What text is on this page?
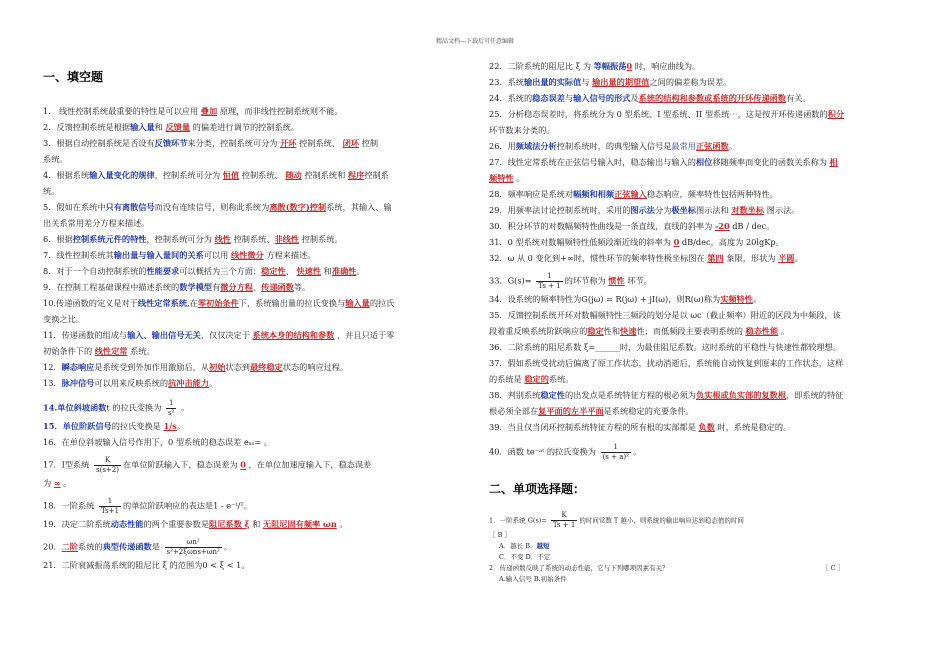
精品文档---下载后可任意编辑
一、填空题
1.　线性控制系统最重要的特性是可以应用 叠加 原理，而非线性控制系统则不能。
2．反馈控制系统是根据输入量和 反馈量 的偏差进行调节的控制系统。
3．根据自动控制系统是否设有反馈环节来分类，控制系统可分为 开环 控制系统、 闭环 控制
系统。
4．根据系统输入量变化的规律，控制系统可分为 恒值 控制系统、 随动 控制系统和 程序控制系
统。
5．假如在系统中只有离散信号而没有连续信号，则称此系统为离散(数字)控制系统，其输入、输
出关系常用差分方程来描述。
6．根据控制系统元件的特性，控制系统可分为 线性 控制系统、非线性 控制系统。
7．线性控制系统其输出量与输入量间的关系可以用 线性微分 方程来描述。
8．对于一个自动控制系统的性能要求可以概括为三个方面：稳定性、 快速性 和准确性。
9．在控制工程基础课程中描述系统的数学模型有微分方程、传递函数等。
10.传递函数的定义是对于线性定常系统,在零初始条件下，系统输出量的拉氏变换与输入量的拉氏
变换之比。
11．传递函数的组成与输入、输出信号无关，仅仅决定于 系统本身的结构和参数 ，并且只适于零
初始条件下的 线性定常 系统。
12．瞬态响应是系统受到外加作用激励后，从初始状态到最终稳定状态的响应过程。
13．脉冲信号可以用来反映系统的抗冲击能力。
14.单位斜坡函数t 的拉氏变换为 $\frac{1}{\text{s²}}$ 。
15．单位阶跃信号的拉氏变换是 1/s。
16．在单位斜坡输入信号作用下，0 型系统的稳态误差 eₛₛ= 。
17．Ⅰ型系统 $\frac{K}{s(s+2)}$ 在单位阶跃输入下，稳态误差为 0 ，在单位加速度输入下，稳态误差
为 ∞ 。
18．一阶系统 $\frac{1}{Ts+1}$ 的单位阶跃响应的表达是1 - e⁻ᵗ/ᵀ。
19．决定二阶系统动态性能的两个重要参数是阻尼系数 ξ 和 无阻尼固有频率 ωn 。
20．二阶系统的典型传递函数是 $\frac{\text{ωn²}}{\text{s²+2ξωns+ωn²}}$ 。
21．二阶衰减振荡系统的阻尼比 ξ 的范围为0 < ξ < 1。
22．二阶系统的阻尼比 ξ 为 等幅振荡0 时，响应曲线为。
23．系统输出量的实际值与 输出量的期望值之间的偏差称为误差。
24．系统的稳态误差与输入信号的形式及系统的结构和参数或系统的开环传递函数有关。
25．分析稳态误差时，将系统分为 0 型系统、I 型系统、II 型系统⋯，这是按开环传递函数的积分
环节数来分类的。
26．用频域法分析控制系统时，的典型输入信号是最常用正弦函数。
27．线性定常系统在正弦信号输入时，稳态输出与输入的相位移随频率而变化的函数关系称为 相
频特性 。
28．频率响应是系统对幅频和相频正弦输入稳态响应，频率特性包括两种特性。
29．用频率法讨论控制系统时，采用的图示法分为极坐标图示法和 对数坐标 图示法。
30．积分环节的对数幅频特性曲线是一条直线，直线的斜率为 -20 dB / dec。
31．0 型系统对数幅频特性低频段渐近线的斜率为 0 dB/dec，高度为 20lgKp。
32．ω 从 0 变化到+∞时，惯性环节的频率特性极坐标图在 第四 象限，形状为 半圆。
33．$G(s)= \frac{1}{Ts + 1}$ 的环节称为 惯性 环节。
34．设系统的频率特性为G(jω) = R(jω) + jI(ω)，则R(ω)称为实频特性。
35．反馈控制系统开环对数幅频特性三频段的划分是以 ωc（截止频率）附近的区段为中频段，该
段着重反映系统阶跃响应的稳定性和快速性；而低频段主要表明系统的 稳态性能 。
36．二阶系统的阻尼系数 ξ=______时，为最佳阻尼系数。这时系统的平稳性与快速性都较理想。
37．假如系统受扰动后偏离了原工作状态，扰动消逝后，系统能自动恢复到原来的工作状态，这样
的系统是 稳定的系统。
38．判别系统稳定性的出发点是系统特征方程的根必须为负实根或负实部的复数根，即系统的特征
根必须全部在复平面的左半平面是系统稳定的充要条件。
39．当且仅当闭环控制系统特征方程的所有根的实部都是 负数 时，系统是稳定的。
40．函数 te⁻ᵃᵗ 的拉氏变换为 $\frac{1}{\text{(s + a)²}}$ 。
二、单项选择题：
1．一阶系统 $G(s)= \frac{K}{Ts + 1}$ 的时间常数 T 越小，则系统的输出响应达到稳态值的时间
［ B ］
A．越长 B．越短
C．不变 D．不定
2．传递函数反映了系统的动态性能，它与下列哪项因素有关？	［ C ］
A.输入信号 B.初始条件
